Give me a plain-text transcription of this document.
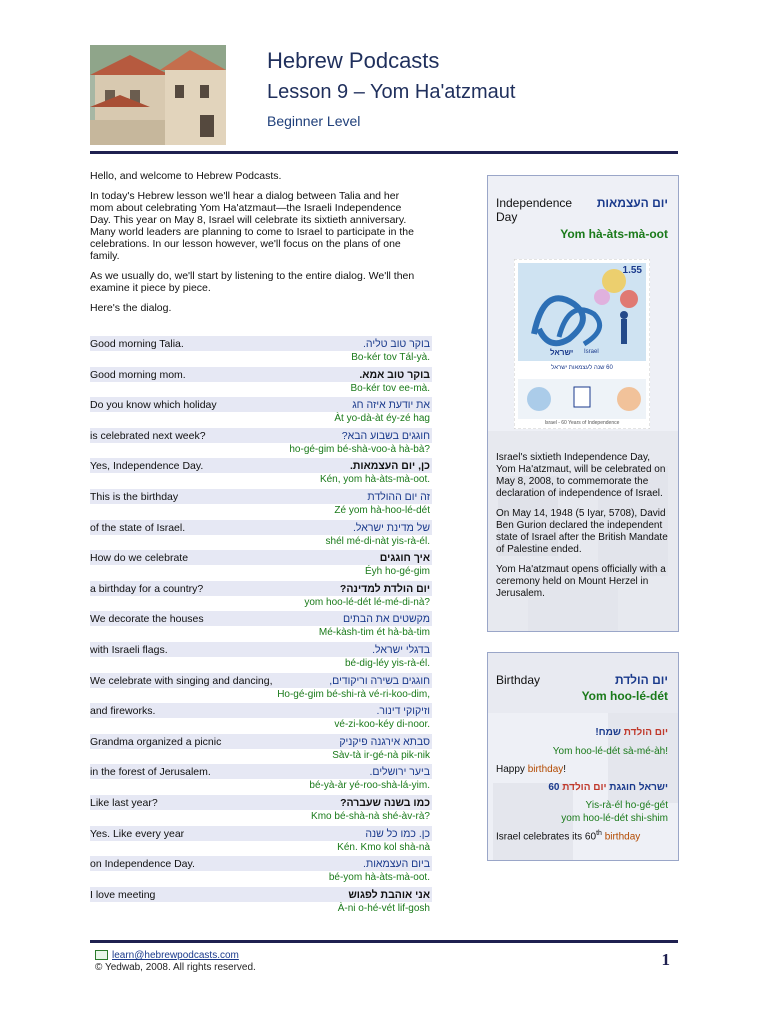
Hebrew Podcasts
Lesson 9 – Yom Ha'atzmaut
Beginner Level

Hello, and welcome to Hebrew Podcasts.

In today's Hebrew lesson we'll hear a dialog between Talia and her mom about celebrating Yom Ha'atzmaut—the Israeli Independence Day. This year on May 8, Israel will celebrate its sixtieth anniversary. Many world leaders are planning to come to Israel to participate in the celebrations. In our lesson however, we'll focus on the plans of one family.

As we usually do, we'll start by listening to the entire dialog. We'll then examine it piece by piece.

Here's the dialog.

Good morning Talia.	בוקר טוב טליה.
Bo-kér tov Tál-yà.
Good morning mom.	בוקר טוב אמא.
Bo-kér tov ee-mà.
Do you know which holiday	את יודעת איזה חג
Àt yo-dà-àt éy-zé hag
is celebrated next week?	חוגגים בשבוע הבא?
ho-gé-gim bé-shà-voo-à hà-bà?
Yes, Independence Day.	כן, יום העצמאות.
Kén, yom hà-àts-mà-oot.
This is the birthday	זה יום ההולדת
Zé yom hà-hoo-lé-dét
of the state of Israel.	של מדינת ישראל.
shél mé-di-nàt yis-rà-él.
How do we celebrate	איך חוגגים
Éyh ho-gé-gim
a birthday for a country?	יום הולדת למדינה?
yom hoo-lé-dét lé-mé-di-nà?
We decorate the houses	מקשטים את הבתים
Mé-kàsh-tim ét hà-bà-tim
with Israeli flags.	בדגלי ישראל.
bé-dig-léy yis-rà-él.
We celebrate with singing and dancing,	חוגגים בשירה וריקודים,
Ho-gé-gim bé-shi-rà vé-ri-koo-dim,
and fireworks.	וזיקוקי דינור.
vé-zi-koo-kéy di-noor.
Grandma organized a picnic	סבתא אירגנה פיקניק
Sàv-tà ir-gé-nà pik-nik
in the forest of Jerusalem.	ביער ירושלים.
bé-yà-àr yé-roo-shà-lá-yim.
Like last year?	כמו בשנה שעברה?
Kmo bé-shà-nà shé-àv-rà?
Yes. Like every year	כן. כמו כל שנה
Kén. Kmo kol shà-nà
on Independence Day.	ביום העצמאות.
bé-yom hà-àts-mà-oot.
I love meeting	אני אוהבת לפגוש
À-ni o-hé-vét lif-gosh
Independence Day
יום העצמאות
Yom hà-àts-mà-oot
1.55
ישראל Israel
60 שנה לעצמאות ישראל
Israel - 60 Years of Independence

Israel's sixtieth Independence Day, Yom Ha'atzmaut, will be celebrated on May 8, 2008, to commemorate the declaration of independence of Israel.

On May 14, 1948 (5 Iyar, 5708), David Ben Gurion declared the independent state of Israel after the British Mandate of Palestine ended.

Yom Ha'atzmaut opens officially with a ceremony held on Mount Herzel in Jerusalem.

Birthday	יום הולדת
Yom hoo-lé-dét
יום הולדת שמח!
Yom hoo-lé-dét sà-mé-àh!
Happy birthday!
ישראל חוגגת יום הולדת 60
Yis-rà-él ho-gé-gét
yom hoo-lé-dét shi-shim
Israel celebrates its 60th birthday
learn@hebrewpodcasts.com
© Yedwab, 2008. All rights reserved.	1
